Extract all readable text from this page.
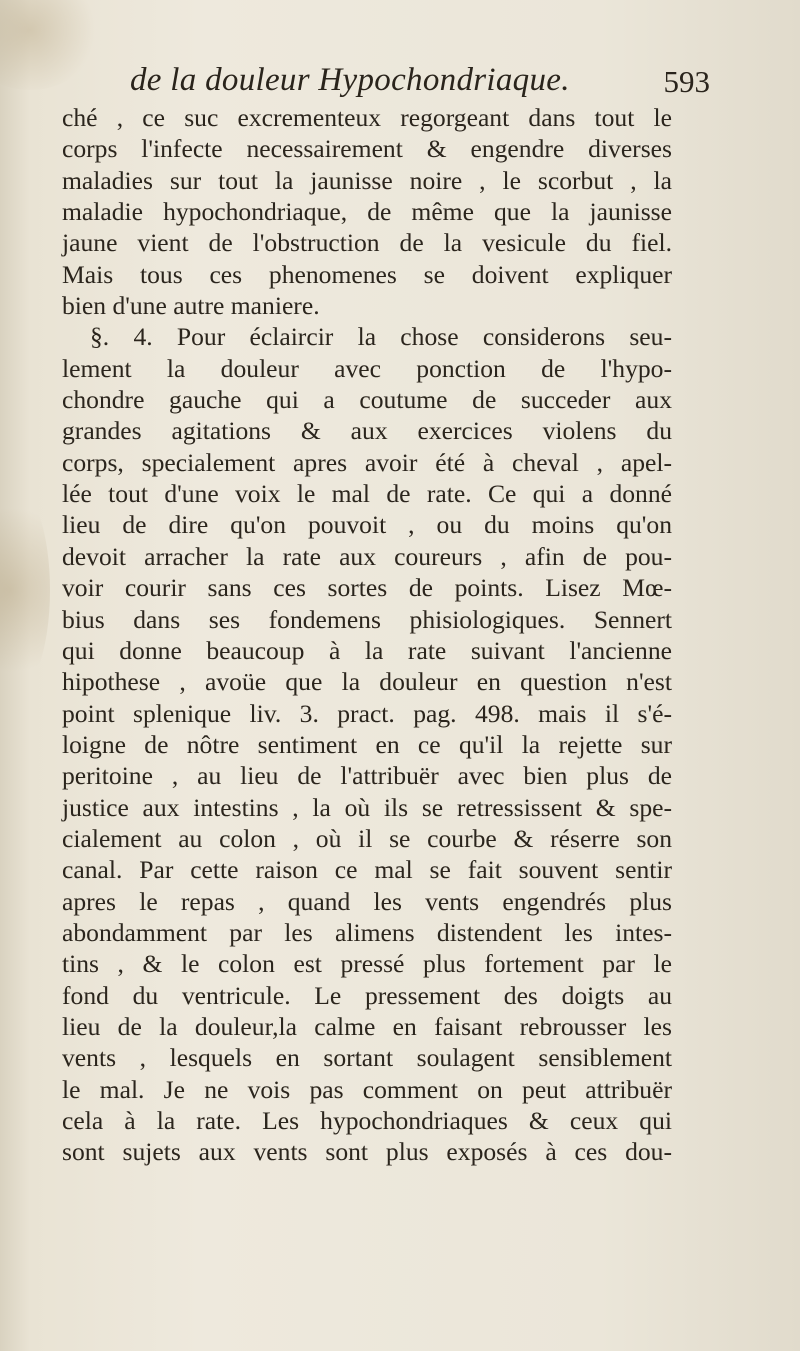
de la douleur Hypochondriaque.	593
ché , ce suc excrementeux regorgeant dans tout le
corps l'infecte necessairement & engendre diverses
maladies sur tout la jaunisse noire , le scorbut , la
maladie hypochondriaque, de même que la jaunisse
jaune vient de l'obstruction de la vesicule du fiel.
Mais tous ces phenomenes se doivent expliquer
bien d'une autre maniere.
§. 4. Pour éclaircir la chose considerons seu-
lement la douleur avec ponction de l'hypo-
chondre gauche qui a coutume de succeder aux
grandes agitations & aux exercices violens du
corps, specialement apres avoir été à cheval , apel-
lée tout d'une voix le mal de rate. Ce qui a donné
lieu de dire qu'on pouvoit , ou du moins qu'on
devoit arracher la rate aux coureurs , afin de pou-
voir courir sans ces sortes de points. Lisez Mœ-
bius dans ses fondemens phisiologiques. Sennert
qui donne beaucoup à la rate suivant l'ancienne
hipothese , avoüe que la douleur en question n'est
point splenique liv. 3. pract. pag. 498. mais il s'é-
loigne de nôtre sentiment en ce qu'il la rejette sur
peritoine , au lieu de l'attribuër avec bien plus de
justice aux intestins , la où ils se retressissent & spe-
cialement au colon , où il se courbe & réserre son
canal. Par cette raison ce mal se fait souvent sentir
apres le repas , quand les vents engendrés plus
abondamment par les alimens distendent les intes-
tins , & le colon est pressé plus fortement par le
fond du ventricule. Le pressement des doigts au
lieu de la douleur,la calme en faisant rebrousser les
vents , lesquels en sortant soulagent sensiblement
le mal. Je ne vois pas comment on peut attribuër
cela à la rate. Les hypochondriaques & ceux qui
sont sujets aux vents sont plus exposés à ces dou-
